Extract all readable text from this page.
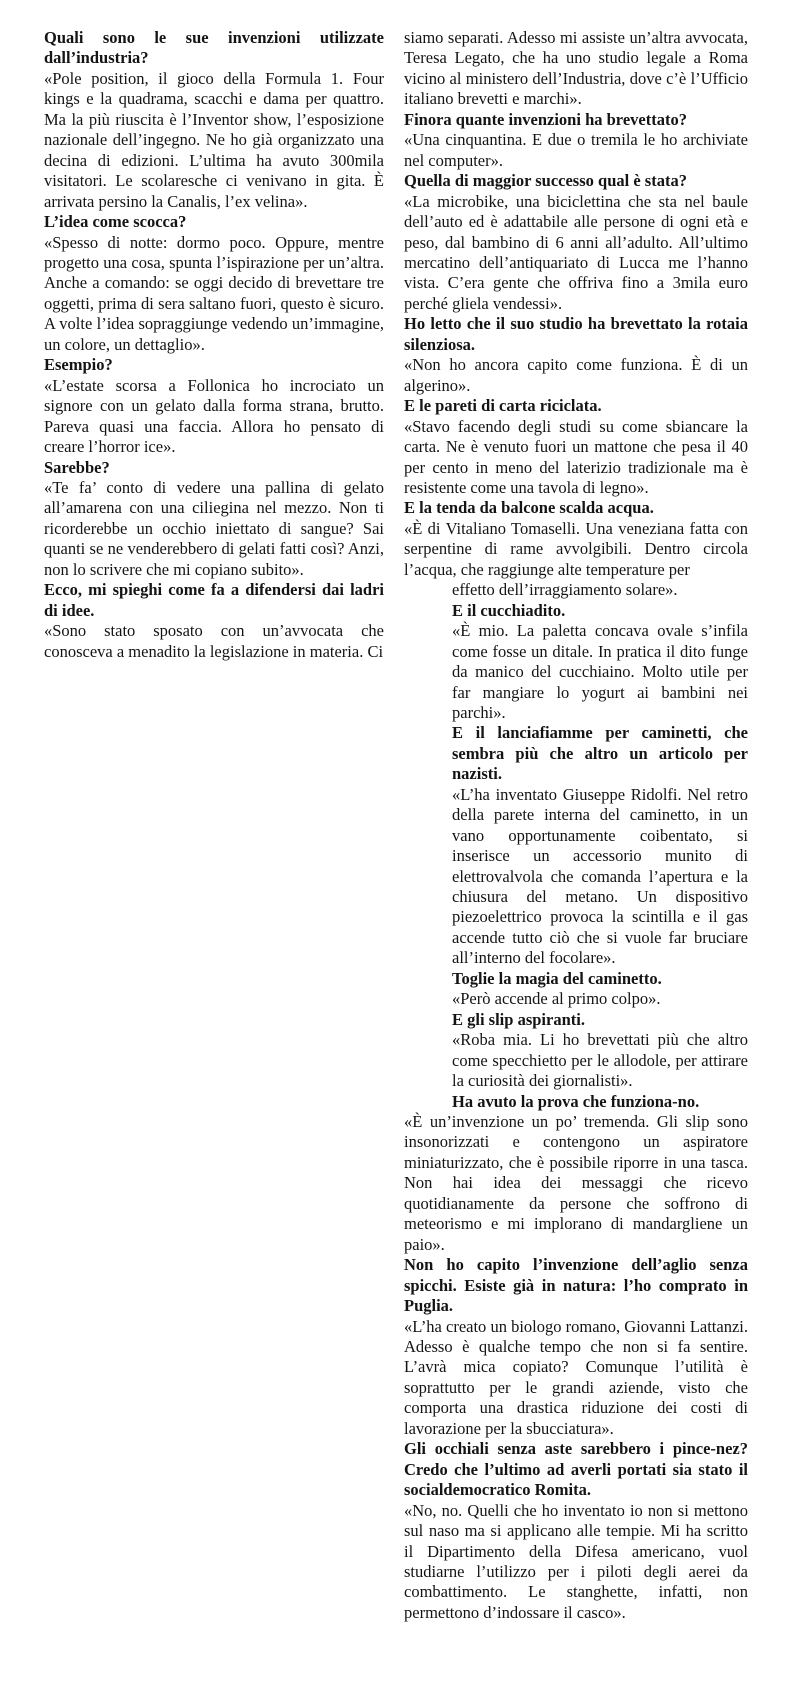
Quali sono le sue invenzioni utilizzate dall’industria?

«Pole position, il gioco della Formula 1. Four kings e la quadramа, scacchi e dama per quattro. Ma la più riuscita è l’Inventor show, l’esposizione nazionale dell’ingegno. Ne ho già organizzato una decina di edizioni. L’ultima ha avuto 300mila visitatori. Le scolaresche ci venivano in gita. È arrivata persino la Canalis, l’ex velina».

L’idea come scocca?

«Spesso di notte: dormo poco. Oppure, mentre progetto una cosa, spunta l’ispirazione per un’altra. Anche a comando: se oggi decido di brevettare tre oggetti, prima di sera saltano fuori, questo è sicuro. A volte l’idea sopraggiunge vedendo un’immagine, un colore, un dettaglio».

Esempio?

«L’estate scorsa a Follonica ho incrociato un signore con un gelato dalla forma strana, brutto. Pareva quasi una faccia. Allora ho pensato di creare l’horror ice».

Sarebbe?

«Te fa’ conto di vedere una pallina di gelato all’amarena con una ciliegina nel mezzo. Non ti ricorderebbe un occhio iniettato di sangue? Sai quanti se ne venderebbero di gelati fatti così? Anzi, non lo scrivere che mi copiano subito».

Ecco, mi spieghi come fa a difendersi dai ladri di idee.

«Sono stato sposato con un’avvocata che conosceva a menadito la legislazione in materia. Ci

siamo separati. Adesso mi assiste un’altra avvocata, Teresa Legato, che ha uno studio legale a Roma vicino al ministero dell’Industria, dove c’è l’Ufficio italiano brevetti e marchi».

Finora quante invenzioni ha brevettato?

«Una cinquantina. E due o tremila le ho archiviate nel computer».

Quella di maggior successo qual è stata?

«La microbike, una biciclettina che sta nel baule dell’auto ed è adattabile alle persone di ogni età e peso, dal bambino di 6 anni all’adulto. All’ultimo mercatino dell’antiquariato di Lucca me l’hanno vista. C’era gente che offriva fino a 3mila euro perché gliela vendessi».

Ho letto che il suo studio ha brevettato la rotaia silenziosa.

«Non ho ancora capito come funziona. È di un algerino».

E le pareti di carta riciclata.

«Stavo facendo degli studi su come sbiancare la carta. Ne è venuto fuori un mattone che pesa il 40 per cento in meno del laterizio tradizionale ma è resistente come una tavola di legno».

E la tenda da balcone scalda acqua.

«È di Vitaliano Tomaselli. Una veneziana fatta con serpentine di rame avvolgibili. Dentro circola l’acqua, che raggiunge alte temperature per

effetto dell’irraggiamento solare».

E il cucchiadito.

«È mio. La paletta concava ovale s’infila come fosse un ditale. In pratica il dito funge da manico del cucchiaino. Molto utile per far mangiare lo yogurt ai bambini nei parchi».

E il lanciafiamme per caminetti, che sembra più che altro un articolo per nazisti.

«L’ha inventato Giuseppe Ridolfi. Nel retro della parete interna del caminetto, in un vano opportunamente coibentato, si inserisce un accessorio munito di elettrovalvola che comanda l’apertura e la chiusura del metano. Un dispositivo piezoelettrico provoca la scintilla e il gas accende tutto ciò che si vuole far bruciare all’interno del focolare».

Toglie la magia del caminetto.

«Però accende al primo colpo».

E gli slip aspiranti.

«Roba mia. Li ho brevettati più che altro come specchietto per le allodole, per attirare la curiosità dei giornalisti».

Ha avuto la prova che funziona-no.

«È un’invenzione un po’ tremenda. Gli slip sono insonorizzati e contengono un aspiratore miniaturizzato, che è possibile riporre in una tasca. Non hai idea dei messaggi che ricevo quotidianamente da persone che soffrono di meteorismo e mi implorano di mandargliene un paio».

Non ho capito l’invenzione dell’aglio senza spicchi. Esiste già in natura: l’ho comprato in Puglia.

«L’ha creato un biologo romano, Giovanni Lattanzi. Adesso è qualche tempo che non si fa sentire. L’avrà mica copiato? Comunque l’utilità è soprattutto per le grandi aziende, visto che comporta una drastica riduzione dei costi di lavorazione per la sbucciatura».

Gli occhiali senza aste sarebbero i pince-nez? Credo che l’ultimo ad averli portati sia stato il socialdemocratico Romita.

«No, no. Quelli che ho inventato io non si mettono sul naso ma si applicano alle tempie. Mi ha scritto il Dipartimento della Difesa americano, vuol studiarne l’utilizzo per i piloti degli aerei da combattimento. Le stanghette, infatti, non permettono d’indossare il casco».
